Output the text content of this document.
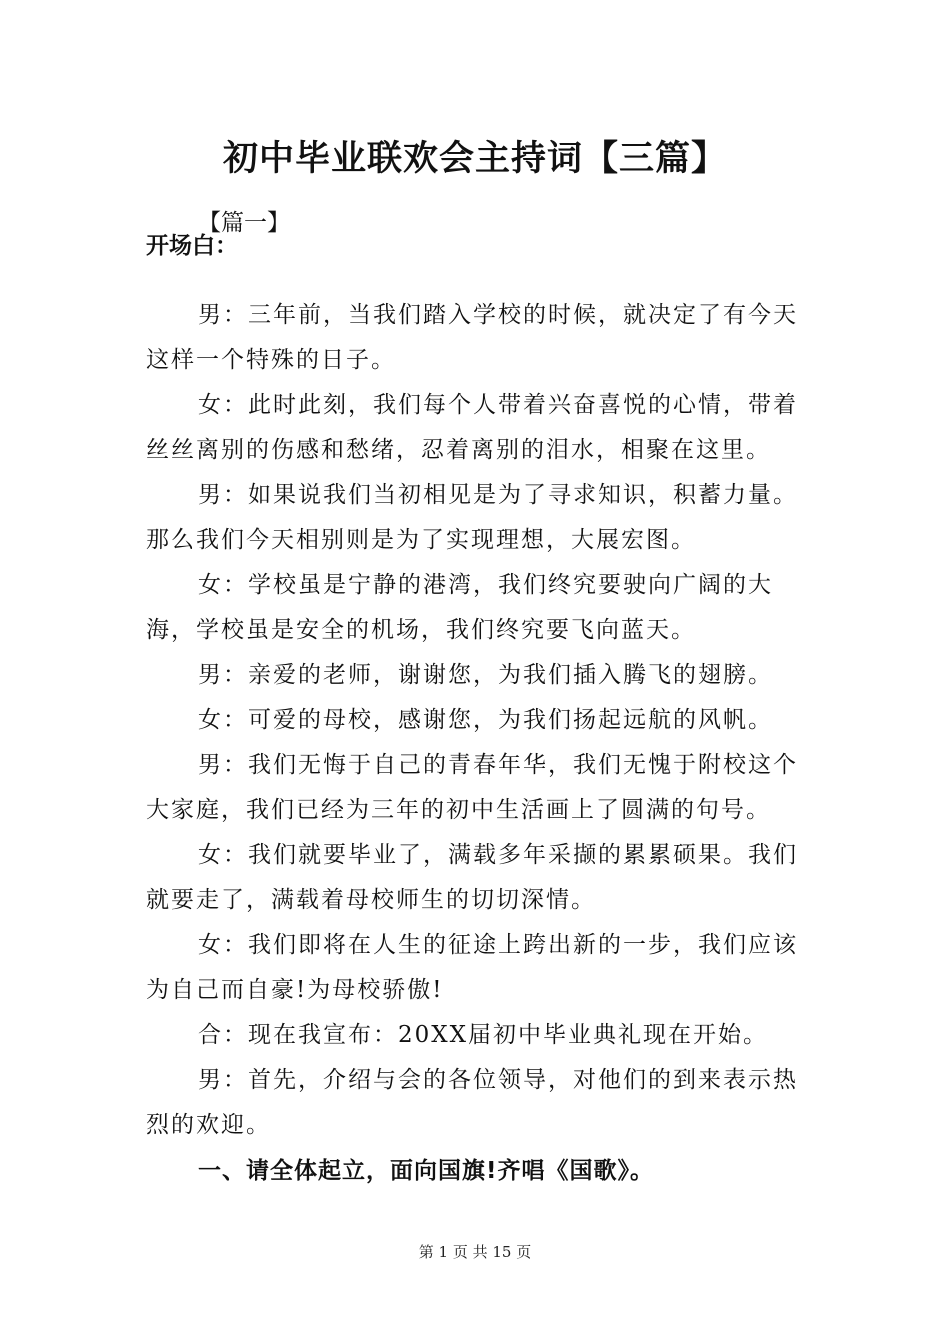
初中毕业联欢会主持词【三篇】
【篇一】
开场白：

男：三年前，当我们踏入学校的时候，就决定了有今天这样一个特殊的日子。

女：此时此刻，我们每个人带着兴奋喜悦的心情，带着丝丝离别的伤感和愁绪，忍着离别的泪水，相聚在这里。

男：如果说我们当初相见是为了寻求知识，积蓄力量。那么我们今天相别则是为了实现理想，大展宏图。

女：学校虽是宁静的港湾，我们终究要驶向广阔的大海，学校虽是安全的机场，我们终究要飞向蓝天。

男：亲爱的老师，谢谢您，为我们插入腾飞的翅膀。

女：可爱的母校，感谢您，为我们扬起远航的风帆。

男：我们无悔于自己的青春年华，我们无愧于附校这个大家庭，我们已经为三年的初中生活画上了圆满的句号。

女：我们就要毕业了，满载多年采撷的累累硕果。我们就要走了，满载着母校师生的切切深情。

女：我们即将在人生的征途上跨出新的一步，我们应该为自己而自豪!为母校骄傲!

合：现在我宣布：20XX届初中毕业典礼现在开始。

男：首先，介绍与会的各位领导，对他们的到来表示热烈的欢迎。

一、请全体起立，面向国旗!齐唱《国歌》。
第 1 页 共 15 页
